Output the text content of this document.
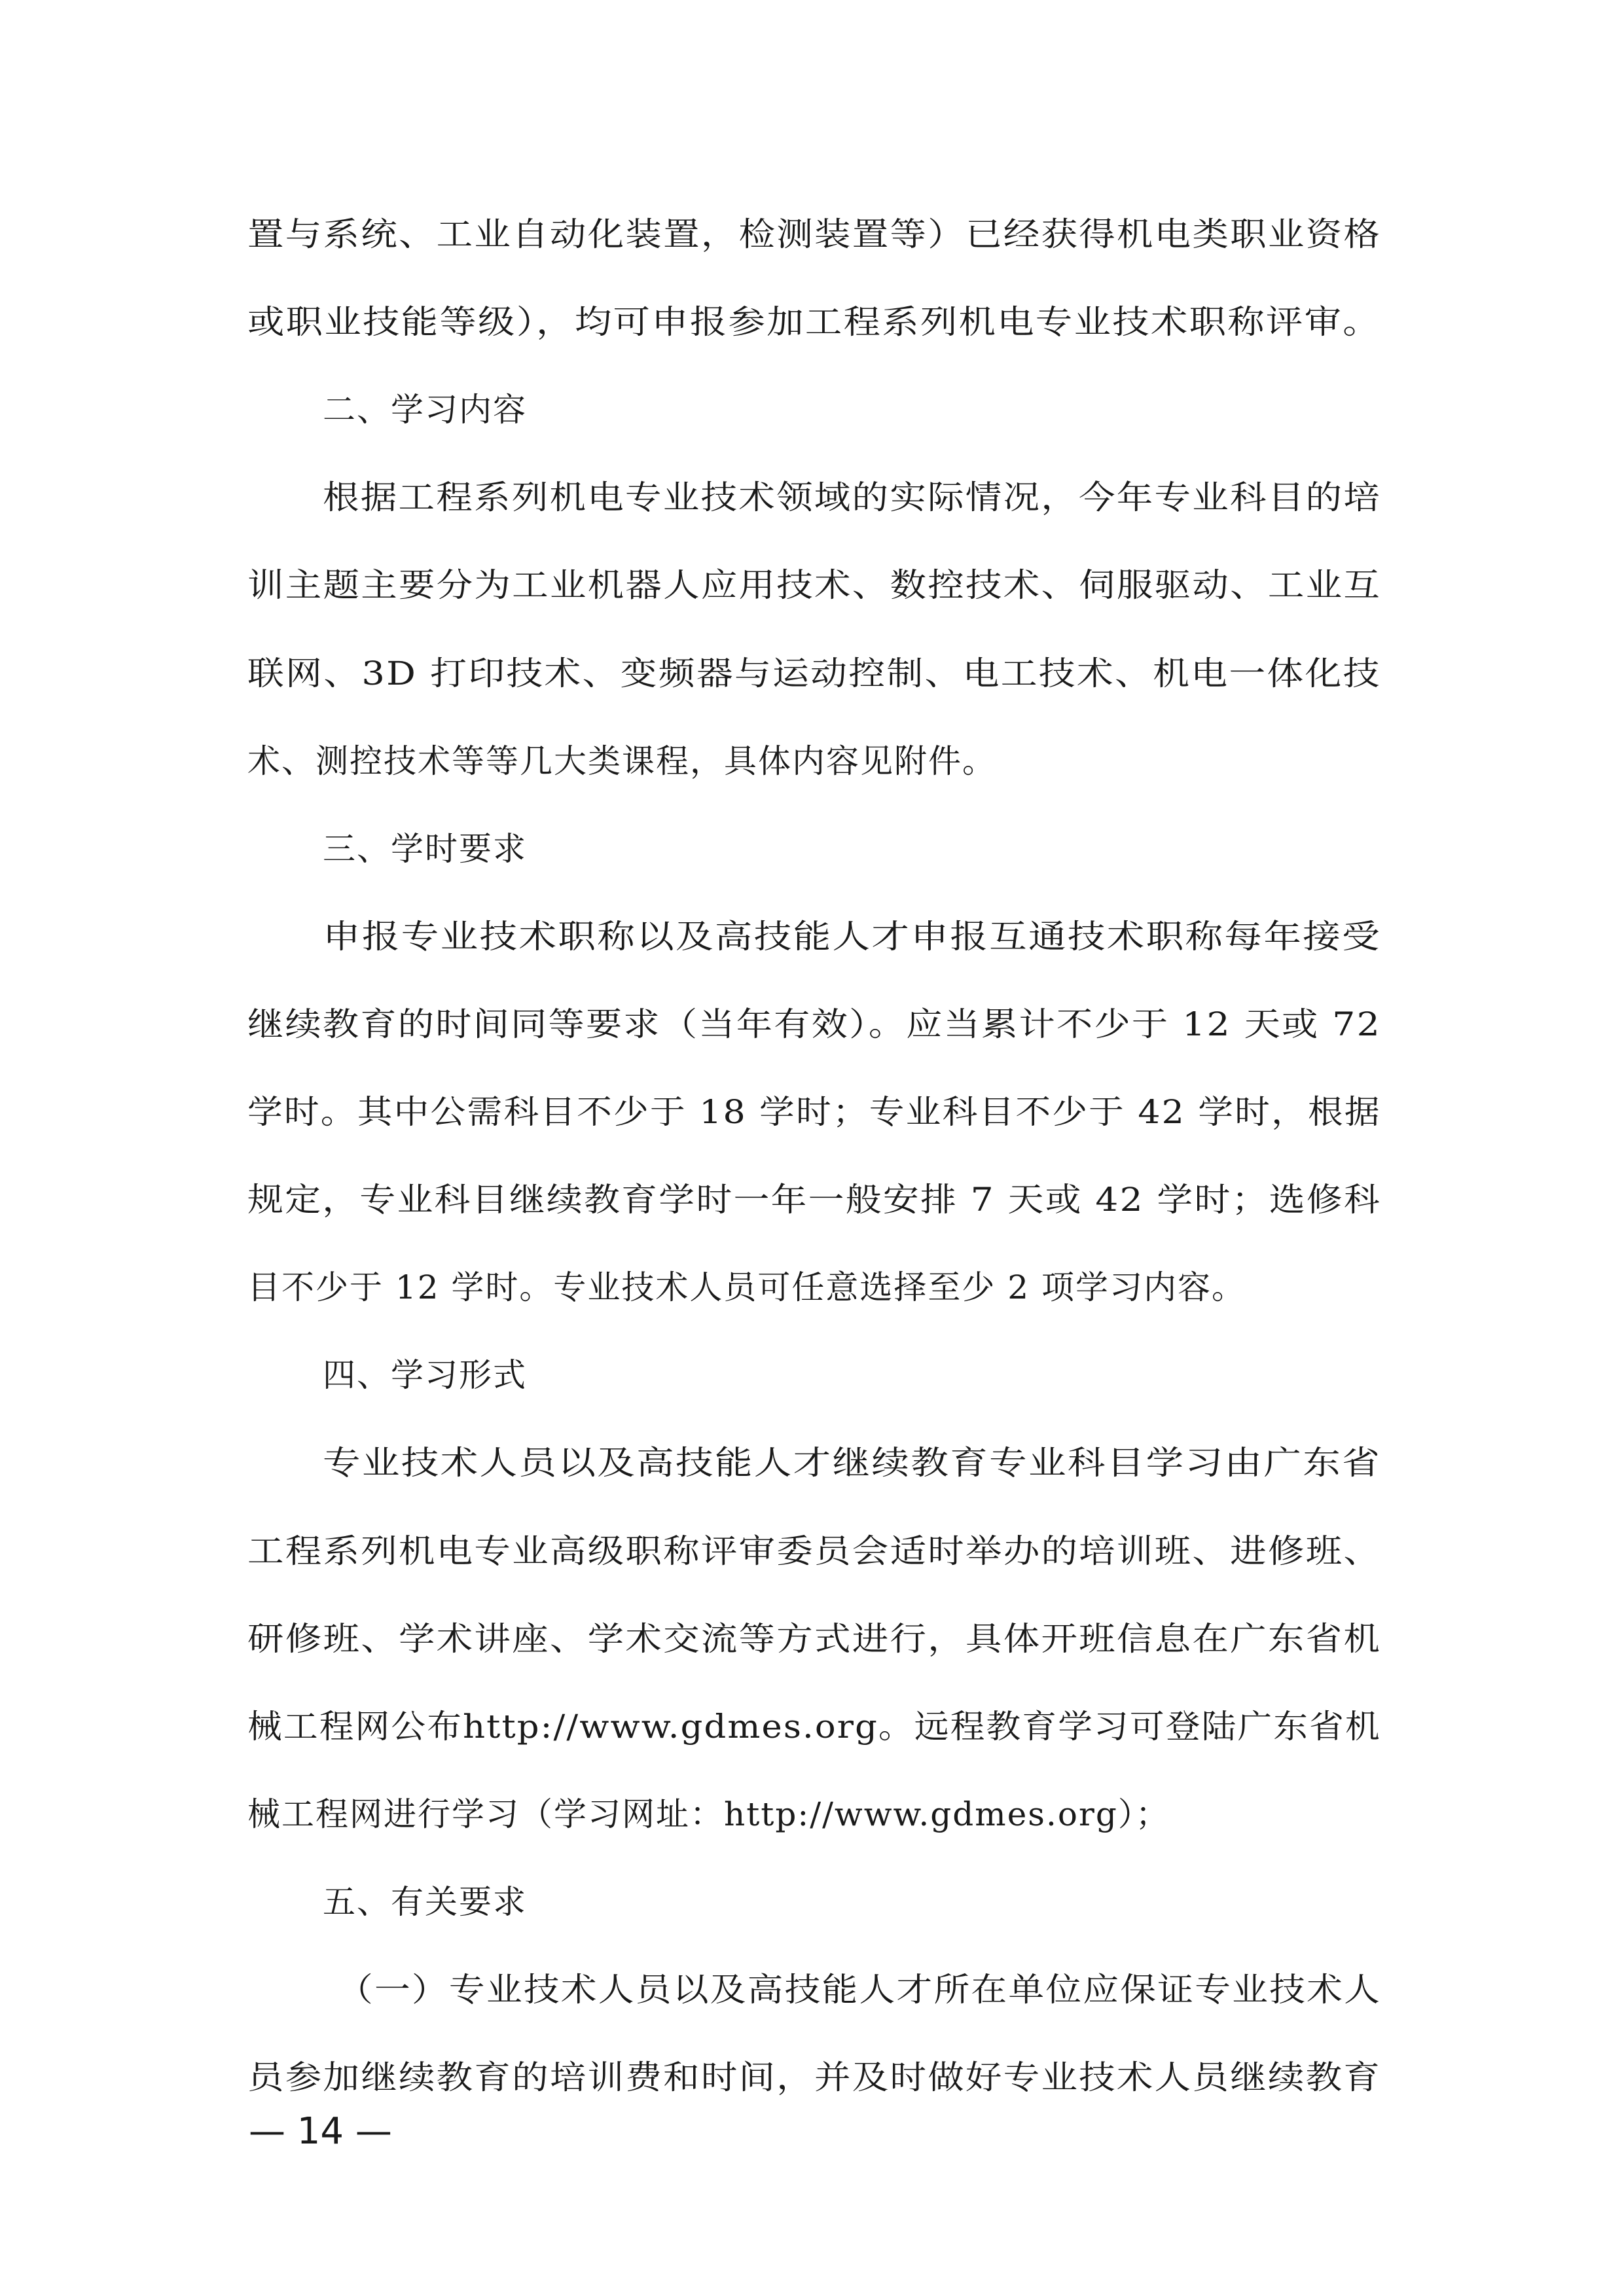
置与系统、工业自动化装置，检测装置等）已经获得机电类职业资格

或职业技能等级），均可申报参加工程系列机电专业技术职称评审。

二、学习内容

根据工程系列机电专业技术领域的实际情况，今年专业科目的培

训主题主要分为工业机器人应用技术、数控技术、伺服驱动、工业互

联网、3D 打印技术、变频器与运动控制、电工技术、机电一体化技

术、测控技术等等几大类课程，具体内容见附件。

三、学时要求

申报专业技术职称以及高技能人才申报互通技术职称每年接受

继续教育的时间同等要求（当年有效）。应当累计不少于 12 天或 72

学时。其中公需科目不少于 18 学时；专业科目不少于 42 学时，根据

规定，专业科目继续教育学时一年一般安排 7 天或 42 学时；选修科

目不少于 12 学时。专业技术人员可任意选择至少 2 项学习内容。

四、学习形式

专业技术人员以及高技能人才继续教育专业科目学习由广东省

工程系列机电专业高级职称评审委员会适时举办的培训班、进修班、

研修班、学术讲座、学术交流等方式进行，具体开班信息在广东省机

械工程网公布http://www.gdmes.org。远程教育学习可登陆广东省机

械工程网进行学习（学习网址：http://www.gdmes.org）；

五、有关要求

（一）专业技术人员以及高技能人才所在单位应保证专业技术人

员参加继续教育的培训费和时间，并及时做好专业技术人员继续教育

— 14 —
